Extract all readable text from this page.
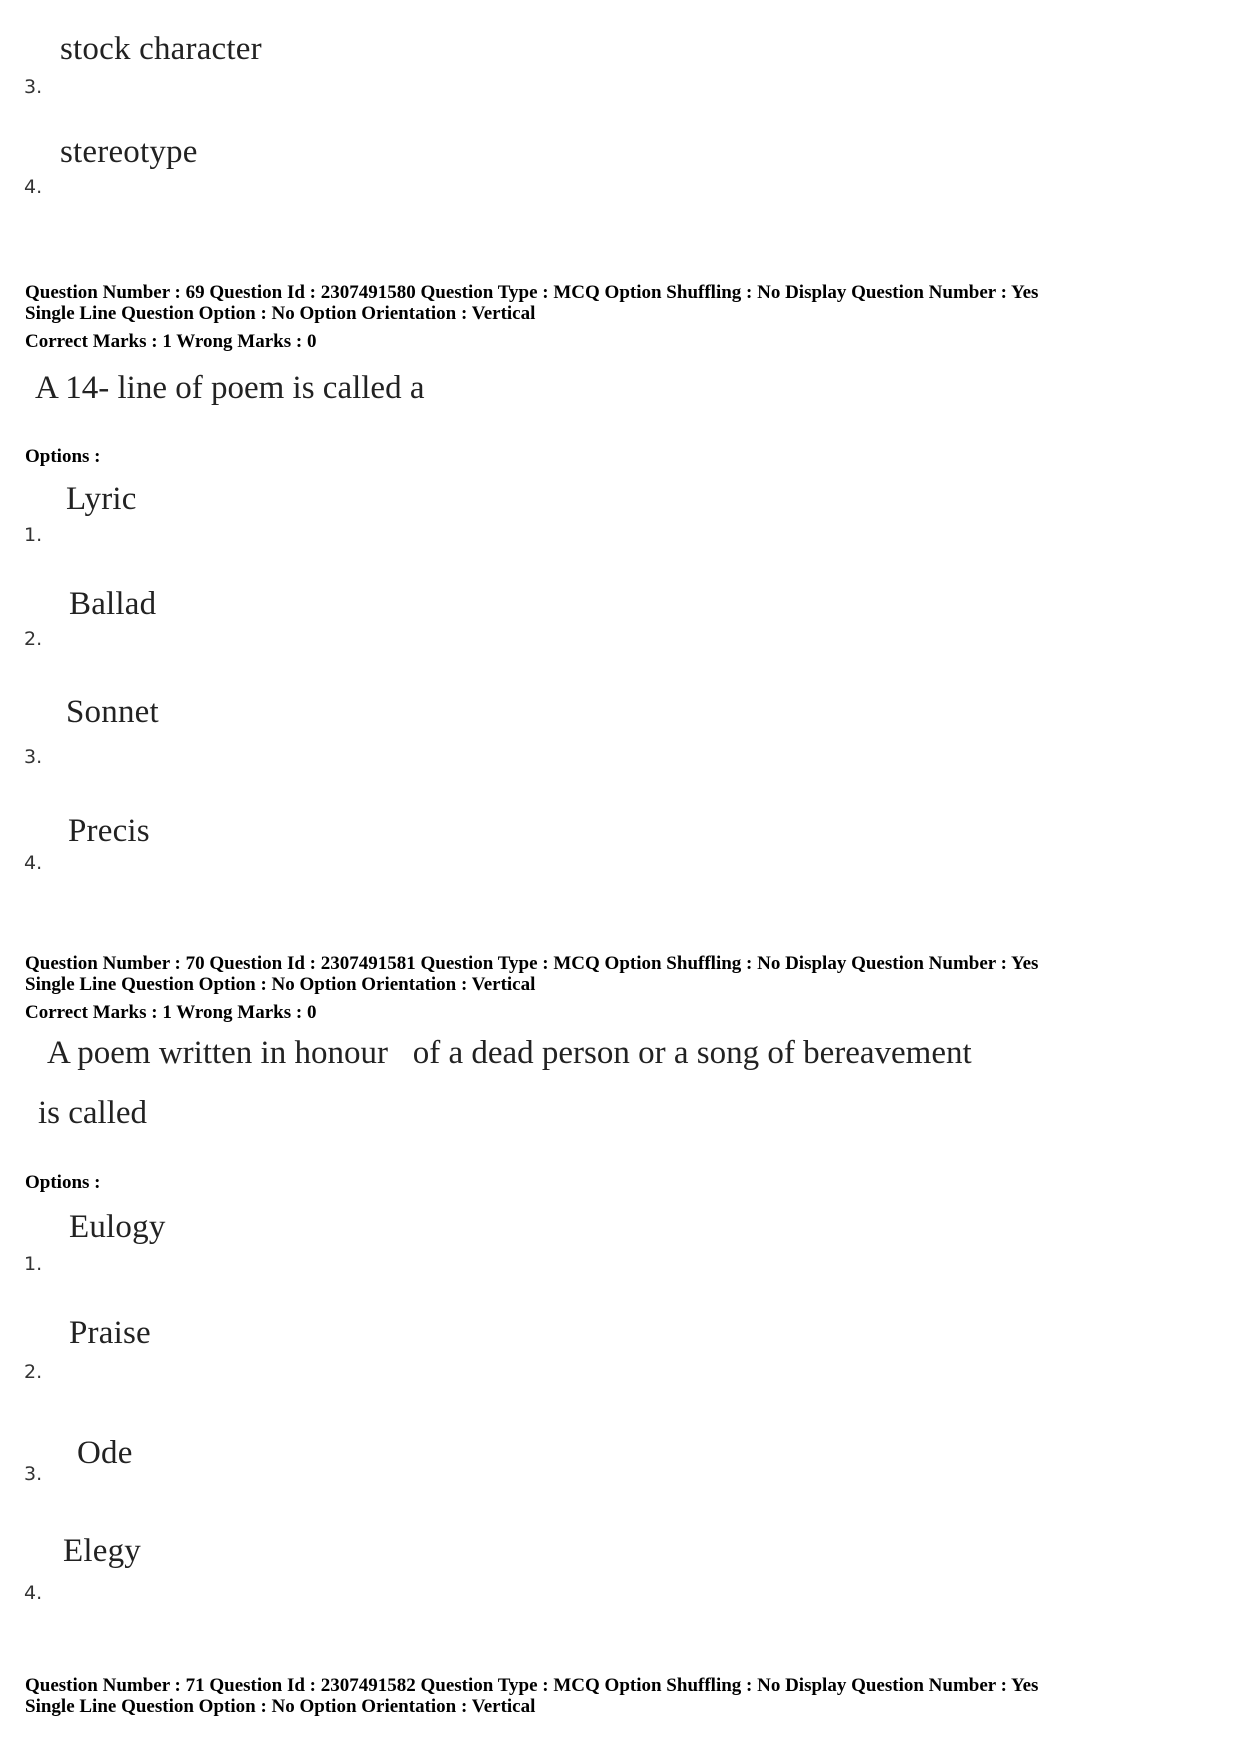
stock character
3.
stereotype
4.
Question Number : 69 Question Id : 2307491580 Question Type : MCQ Option Shuffling : No Display Question Number : Yes
Single Line Question Option : No Option Orientation : Vertical
Correct Marks : 1 Wrong Marks : 0
A 14- line of poem is called a
Options :
Lyric
1.
Ballad
2.
Sonnet
3.
Precis
4.
Question Number : 70 Question Id : 2307491581 Question Type : MCQ Option Shuffling : No Display Question Number : Yes
Single Line Question Option : No Option Orientation : Vertical
Correct Marks : 1 Wrong Marks : 0
A poem written in honour   of a dead person or a song of bereavement
is called
Options :
Eulogy
1.
Praise
2.
Ode
3.
Elegy
4.
Question Number : 71 Question Id : 2307491582 Question Type : MCQ Option Shuffling : No Display Question Number : Yes
Single Line Question Option : No Option Orientation : Vertical
